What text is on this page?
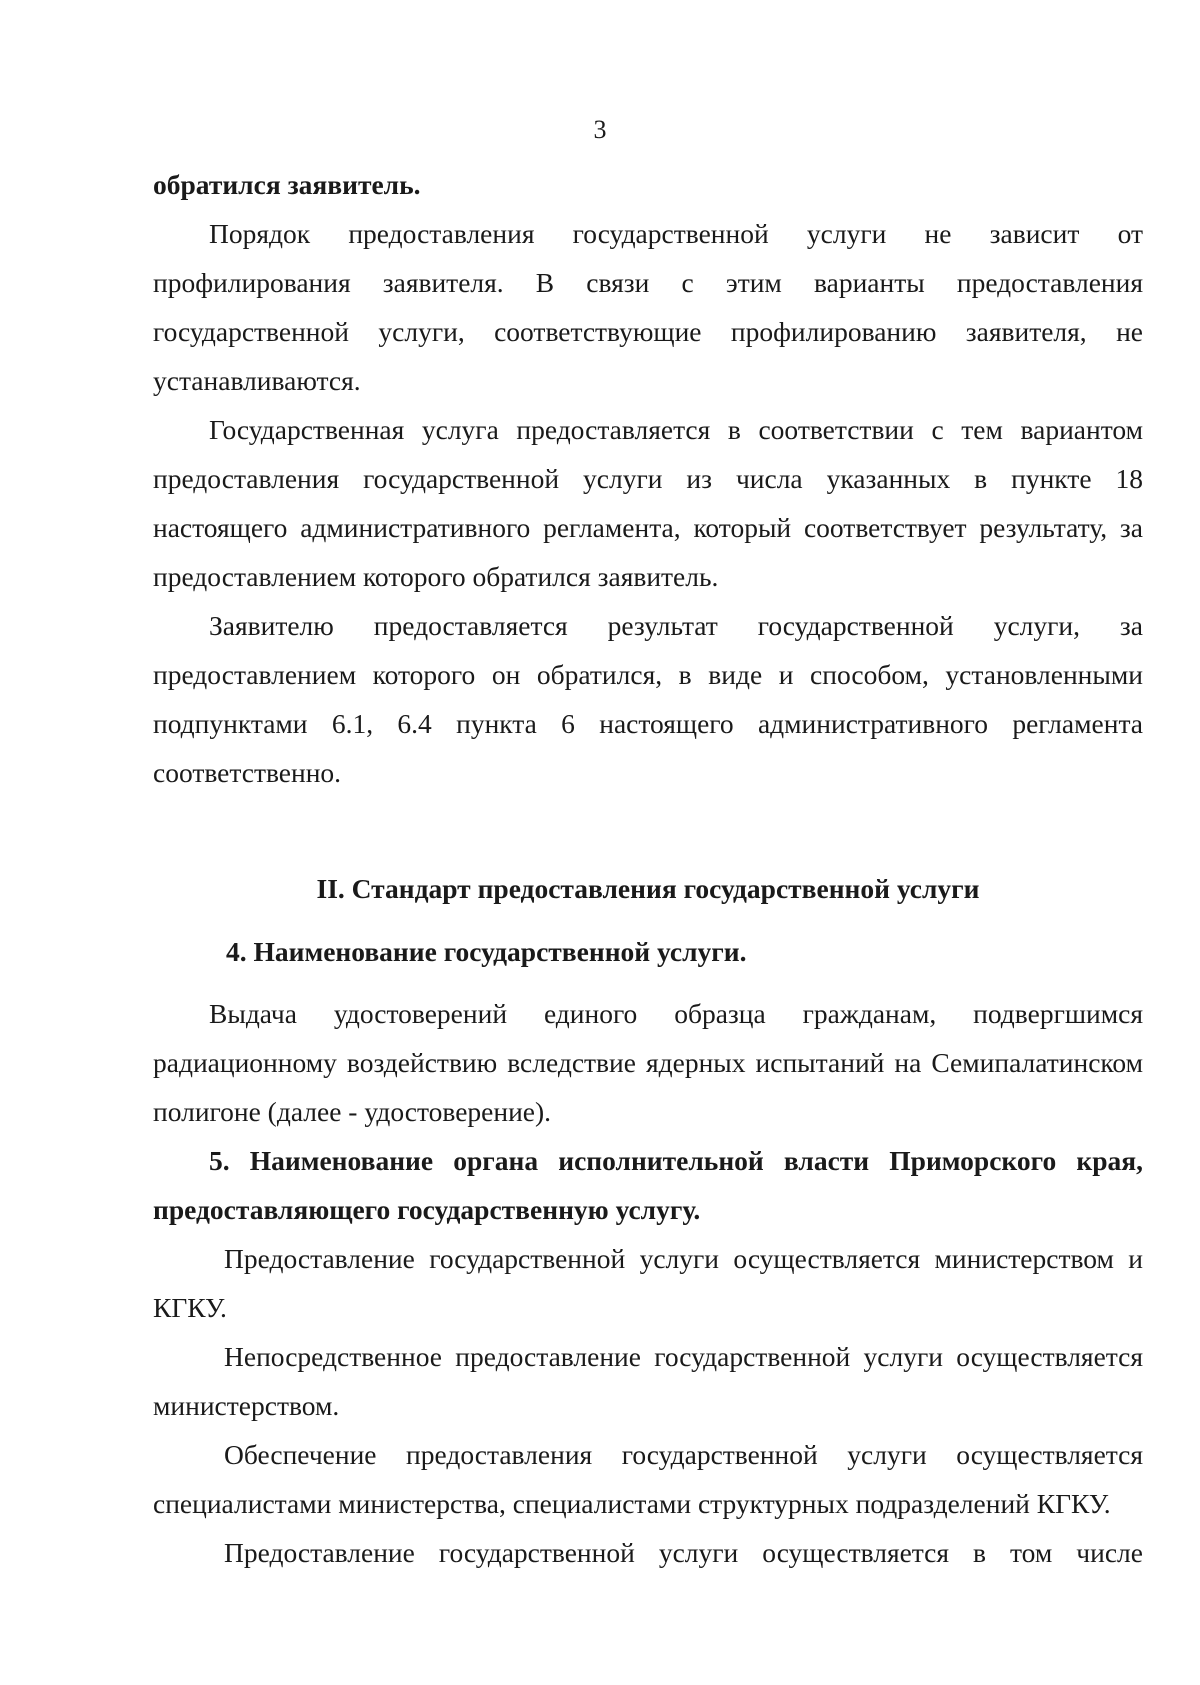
3

обратился заявитель.

Порядок предоставления государственной услуги не зависит от профилирования заявителя. В связи с этим варианты предоставления государственной услуги, соответствующие профилированию заявителя, не устанавливаются.

Государственная услуга предоставляется в соответствии с тем вариантом предоставления государственной услуги из числа указанных в пункте 18 настоящего административного регламента, который соответствует результату, за предоставлением которого обратился заявитель.

Заявителю предоставляется результат государственной услуги, за предоставлением которого он обратился, в виде и способом, установленными подпунктами 6.1, 6.4 пункта 6 настоящего административного регламента соответственно.

II. Стандарт предоставления государственной услуги

4. Наименование государственной услуги.

Выдача удостоверений единого образца гражданам, подвергшимся радиационному воздействию вследствие ядерных испытаний на Семипалатинском полигоне (далее - удостоверение).

5. Наименование органа исполнительной власти Приморского края, предоставляющего государственную услугу.

Предоставление государственной услуги осуществляется министерством и КГКУ.

Непосредственное предоставление государственной услуги осуществляется министерством.

Обеспечение предоставления государственной услуги осуществляется специалистами министерства, специалистами структурных подразделений КГКУ.

Предоставление государственной услуги осуществляется в том числе
